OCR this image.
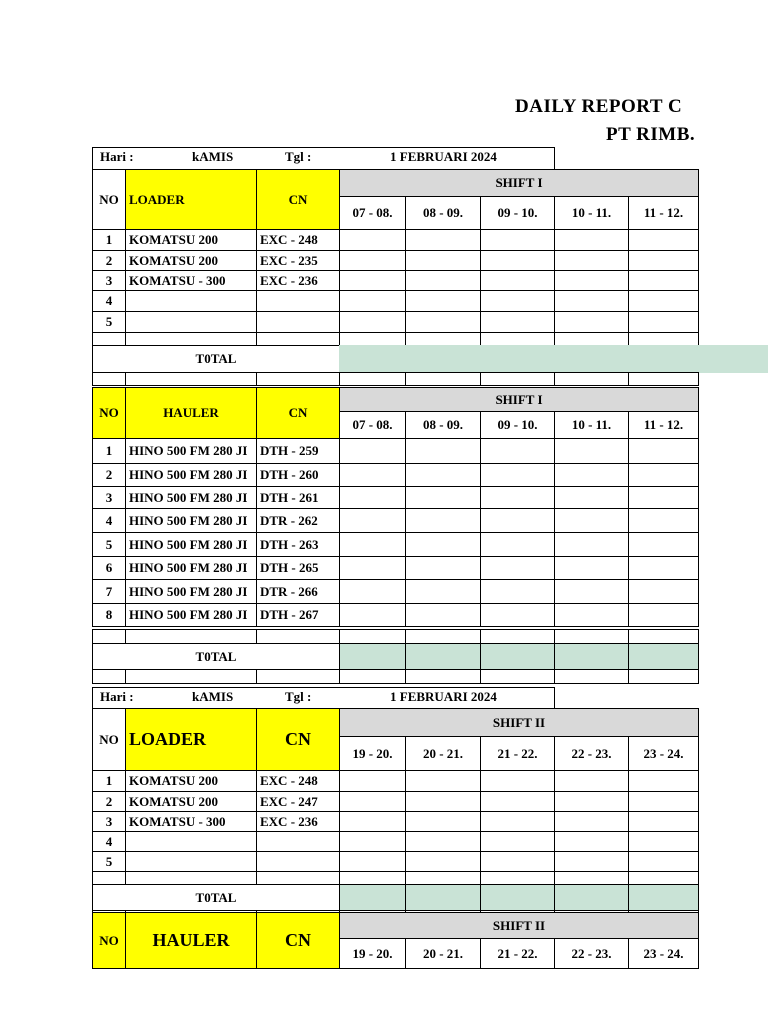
DAILY REPORT C
PT RIMB.
Hari :	kAMIS	Tgl :	1 FEBRUARI 2024
NO LOADER	CN
SHIFT I
07 - 08.	08 - 09.	09 - 10.	10 - 11.	11 - 12.
1	KOMATSU 200	EXC - 248
2	KOMATSU 200	EXC - 235
3	KOMATSU - 300	EXC - 236
4
5
T0TAL
NO	HAULER	CN
SHIFT I
07 - 08.	08 - 09.	09 - 10.	10 - 11.	11 - 12.
1	HINO 500 FM 280 JI DTH - 259
2	HINO 500 FM 280 JI DTH - 260
3	HINO 500 FM 280 JI DTH - 261
4	HINO 500 FM 280 JI DTR - 262
5	HINO 500 FM 280 JI DTH - 263
6	HINO 500 FM 280 JI DTH - 265
7	HINO 500 FM 280 JI DTR - 266
8	HINO 500 FM 280 JI DTH - 267
T0TAL
Hari :	kAMIS	Tgl :	1 FEBRUARI 2024
NO LOADER	CN
SHIFT II
19 - 20.	20 - 21.	21 - 22.	22 - 23.	23 - 24.
1	KOMATSU 200	EXC - 248
2	KOMATSU 200	EXC - 247
3	KOMATSU - 300	EXC - 236
4
5
T0TAL
NO	HAULER	CN
SHIFT II
19 - 20.	20 - 21.	21 - 22.	22 - 23.	23 - 24.
